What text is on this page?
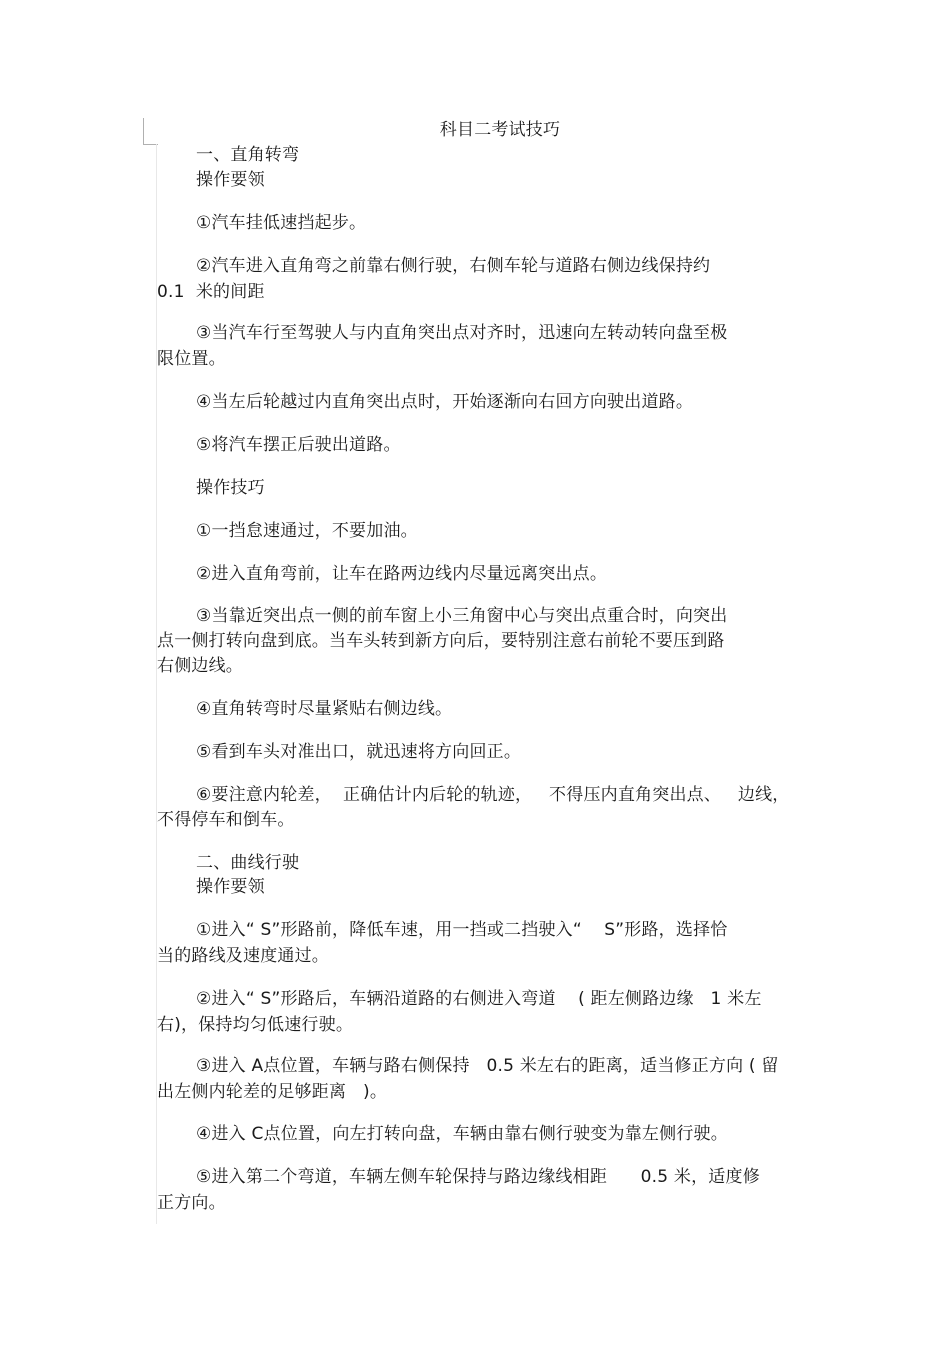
科目二考试技巧
一、直角转弯
操作要领
①汽车挂低速挡起步。
②汽车进入直角弯之前靠右侧行驶，右侧车轮与道路右侧边线保持约
0.1  米的间距
③当汽车行至驾驶人与内直角突出点对齐时，迅速向左转动转向盘至极
限位置。
④当左后轮越过内直角突出点时，开始逐渐向右回方向驶出道路。
⑤将汽车摆正后驶出道路。
操作技巧
①一挡怠速通过，不要加油。
②进入直角弯前，让车在路两边线内尽量远离突出点。
③当靠近突出点一侧的前车窗上小三角窗中心与突出点重合时，向突出
点一侧打转向盘到底。当车头转到新方向后，要特别注意右前轮不要压到路
右侧边线。
④直角转弯时尽量紧贴右侧边线。
⑤看到车头对准出口，就迅速将方向回正。
⑥要注意内轮差，  正确估计内后轮的轨迹，   不得压内直角突出点、   边线，
不得停车和倒车。
二、曲线行驶
操作要领
①进入“ S”形路前，降低车速，用一挡或二挡驶入“    S”形路，选择恰
当的路线及速度通过。
②进入“ S”形路后，车辆沿道路的右侧进入弯道    ( 距左侧路边缘   1 米左
右)，保持均匀低速行驶。
③进入 A点位置，车辆与路右侧保持   0.5 米左右的距离，适当修正方向 ( 留
出左侧内轮差的足够距离   )。
④进入 C点位置，向左打转向盘，车辆由靠右侧行驶变为靠左侧行驶。
⑤进入第二个弯道，车辆左侧车轮保持与路边缘线相距      0.5 米，适度修
正方向。
